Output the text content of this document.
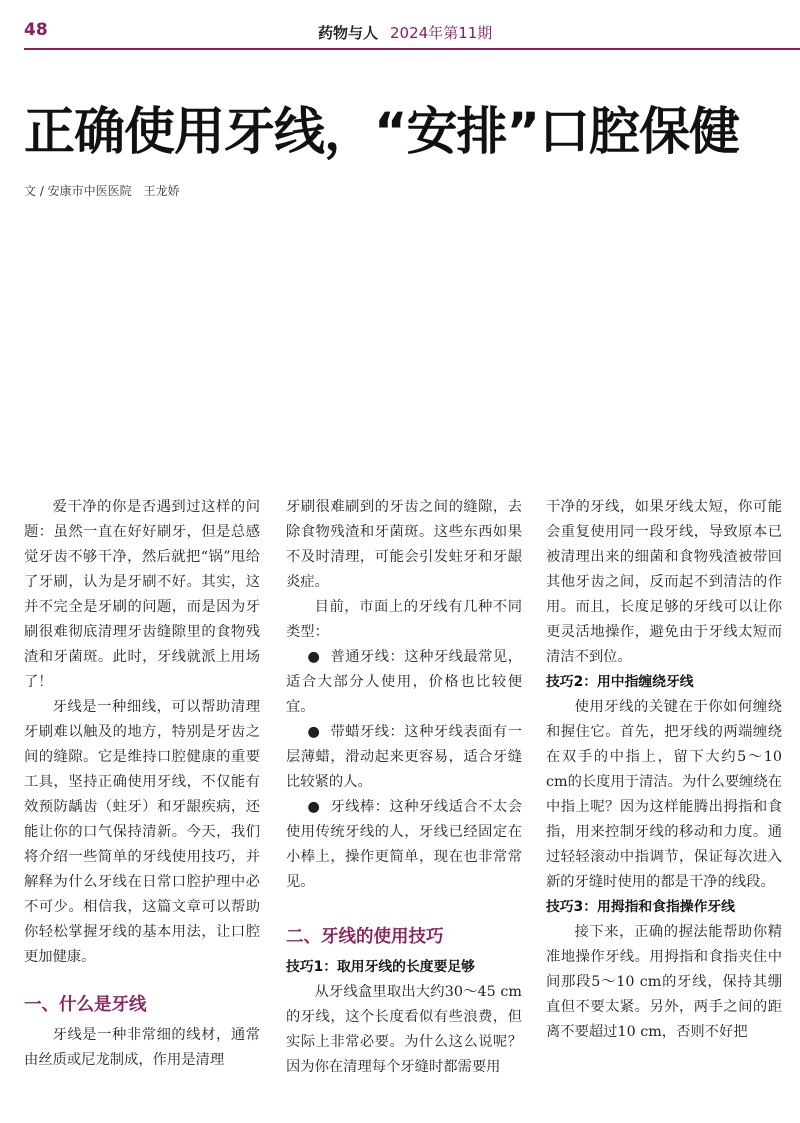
48	药物与人 2024年第11期
正确使用牙线，“安排”口腔保健
文 / 安康市中医医院　王龙娇

爱干净的你是否遇到过这样的问题：虽然一直在好好刷牙，但是总感觉牙齿不够干净，然后就把“锅”甩给了牙刷，认为是牙刷不好。其实，这并不完全是牙刷的问题，而是因为牙刷很难彻底清理牙齿缝隙里的食物残渣和牙菌斑。此时，牙线就派上用场了！

牙线是一种细线，可以帮助清理牙刷难以触及的地方，特别是牙齿之间的缝隙。它是维持口腔健康的重要工具，坚持正确使用牙线，不仅能有效预防龋齿（蛀牙）和牙龈疾病，还能让你的口气保持清新。今天，我们将介绍一些简单的牙线使用技巧，并解释为什么牙线在日常口腔护理中必不可少。相信我，这篇文章可以帮助你轻松掌握牙线的基本用法，让口腔更加健康。

一、什么是牙线

牙线是一种非常细的线材，通常由丝质或尼龙制成，作用是清理

牙刷很难刷到的牙齿之间的缝隙，去除食物残渣和牙菌斑。这些东西如果不及时清理，可能会引发蛀牙和牙龈炎症。

目前，市面上的牙线有几种不同类型：

● 普通牙线：这种牙线最常见，适合大部分人使用，价格也比较便宜。

● 带蜡牙线：这种牙线表面有一层薄蜡，滑动起来更容易，适合牙缝比较紧的人。

● 牙线棒：这种牙线适合不太会使用传统牙线的人，牙线已经固定在小棒上，操作更简单，现在也非常常见。

二、牙线的使用技巧
技巧1：取用牙线的长度要足够

从牙线盒里取出大约30～45 cm的牙线，这个长度看似有些浪费，但实际上非常必要。为什么这么说呢？因为你在清理每个牙缝时都需要用

干净的牙线，如果牙线太短，你可能会重复使用同一段牙线，导致原本已被清理出来的细菌和食物残渣被带回其他牙齿之间，反而起不到清洁的作用。而且，长度足够的牙线可以让你更灵活地操作，避免由于牙线太短而清洁不到位。

技巧2：用中指缠绕牙线

使用牙线的关键在于你如何缠绕和握住它。首先，把牙线的两端缠绕在双手的中指上，留下大约5～10 cm的长度用于清洁。为什么要缠绕在中指上呢？因为这样能腾出拇指和食指，用来控制牙线的移动和力度。通过轻轻滚动中指调节，保证每次进入新的牙缝时使用的都是干净的线段。

技巧3：用拇指和食指操作牙线

接下来，正确的握法能帮助你精准地操作牙线。用拇指和食指夹住中间那段5～10 cm的牙线，保持其绷直但不要太紧。另外，两手之间的距离不要超过10 cm，否则不好把
